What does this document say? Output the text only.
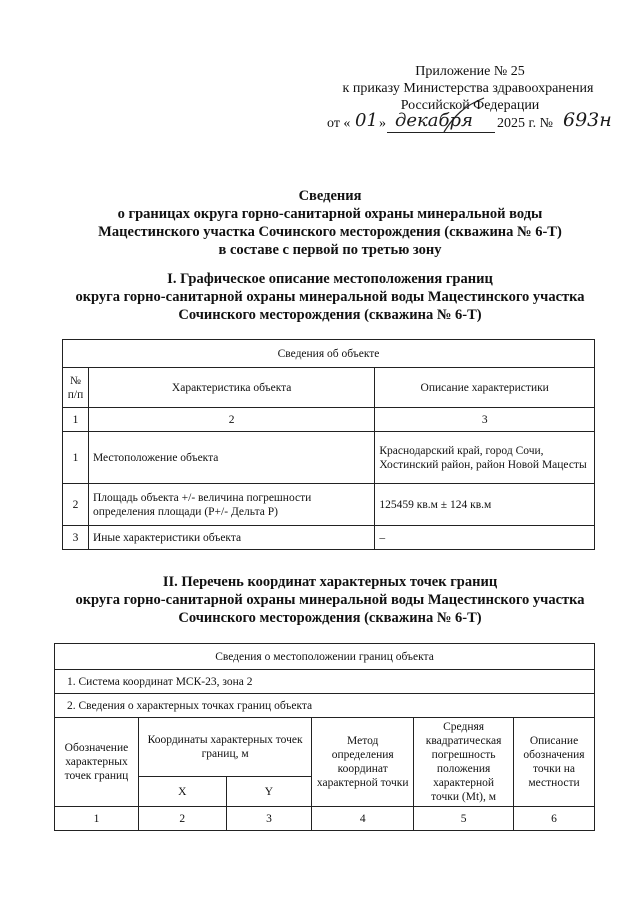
Приложение № 25
к приказу Министерства здравоохранения
Российской Федерации
от « 01 » декабря 2025 г. № 693н
Сведения
о границах округа горно-санитарной охраны минеральной воды
Мацестинского участка Сочинского месторождения (скважина № 6-Т)
в составе с первой по третью зону
I. Графическое описание местоположения границ
округа горно-санитарной охраны минеральной воды Мацестинского участка
Сочинского месторождения (скважина № 6-Т)
Сведения об объекте		
№ п/п	Характеристика объекта	Описание характеристики
1	2	3
1	Местоположение объекта	Краснодарский край, город Сочи, Хостинский район, район Новой Мацесты
2	Площадь объекта +/- величина погрешности определения площади (P+/- Дельта P)	125459 кв.м ± 124 кв.м
3	Иные характеристики объекта	–
II. Перечень координат характерных точек границ
округа горно-санитарной охраны минеральной воды Мацестинского участка
Сочинского месторождения (скважина № 6-Т)
Сведения о местоположении границ объекта					
1. Система координат МСК-23, зона 2					
2. Сведения о характерных точках границ объекта					
Обозначение характерных точек границ	Координаты характерных точек границ, м		Метод определения координат характерной точки	Средняя квадратическая погрешность положения характерной точки (Mt), м	Описание обозначения точки на местности
	X	Y			
1	2	3	4	5	6
